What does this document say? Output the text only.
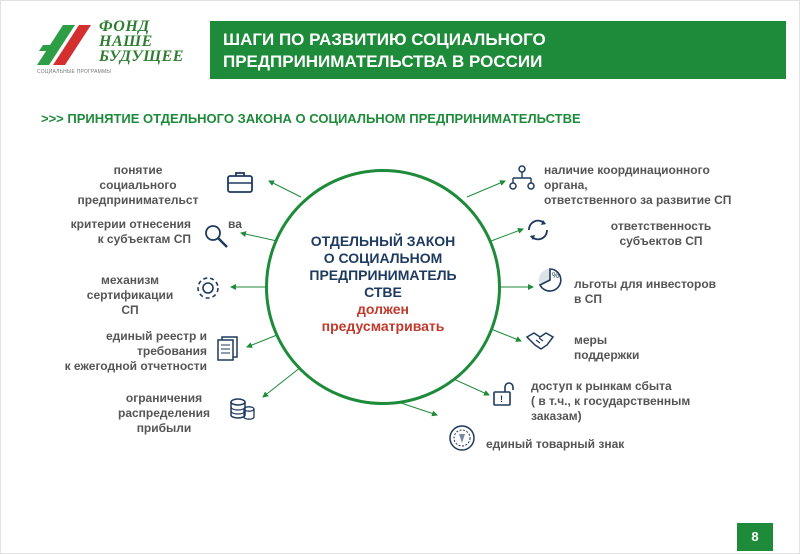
ФОНД
НАШЕ
БУДУЩЕЕ
СОЦИАЛЬНЫЕ ПРОГРАММЫ
ШАГИ ПО РАЗВИТИЮ СОЦИАЛЬНОГО
ПРЕДПРИНИМАТЕЛЬСТВА В РОССИИ
>>> ПРИНЯТИЕ ОТДЕЛЬНОГО ЗАКОНА О СОЦИАЛЬНОМ ПРЕДПРИНИМАТЕЛЬСТВЕ
ОТДЕЛЬНЫЙ ЗАКОН
О СОЦИАЛЬНОМ
ПРЕДПРИНИМАТЕЛЬ
СТВЕ
должен
предусматривать
понятие
социального
предпринимательст
ва
критерии отнесения
к субъектам СП
механизм
сертификации
СП
единый реестр и
требования
к ежегодной отчетности
ограничения
распределения
прибыли
наличие координационного
органа,
ответственного за развитие СП
ответственность
субъектов СП
%
льготы для инвесторов
в СП
меры
поддержки
!
доступ к рынкам сбыта
( в т.ч., к государственным
заказам)
единый товарный знак
8
